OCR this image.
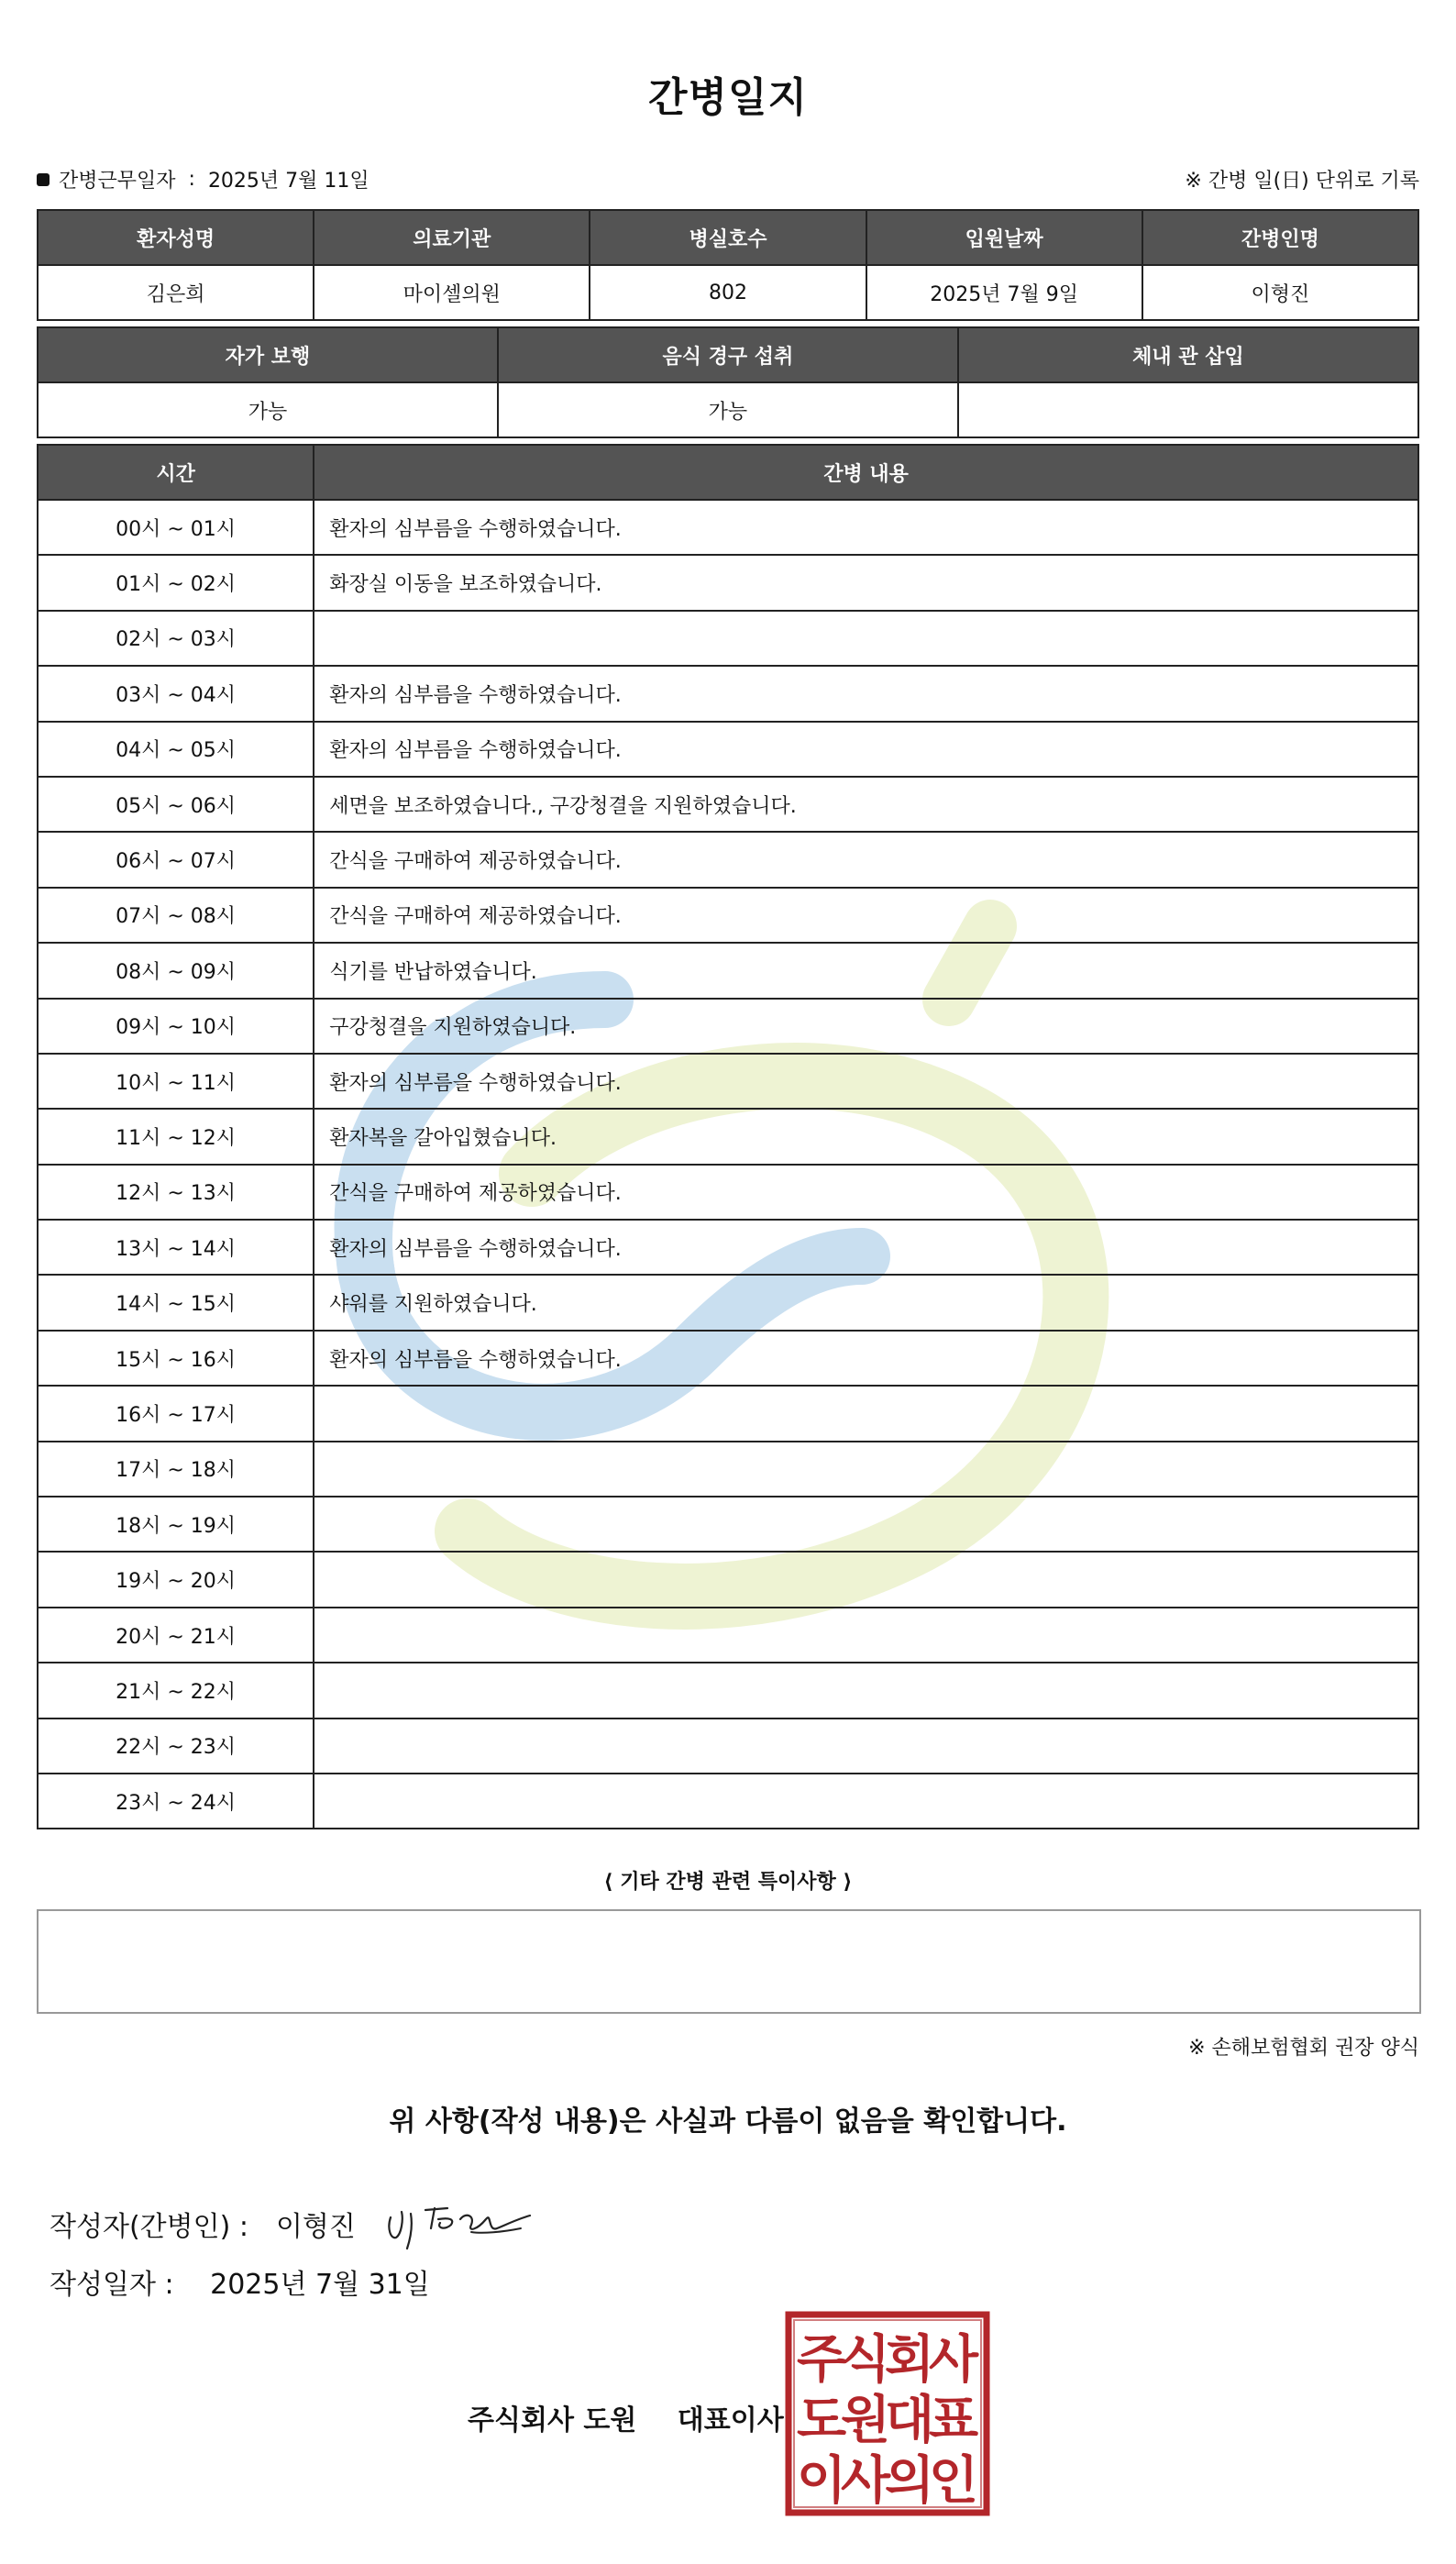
간병일지
간병근무일자 : 2025년 7월 11일	※ 간병 일(日) 단위로 기록
환자성명	의료기관	병실호수	입원날짜	간병인명
김은희	마이셀의원	802	2025년 7월 9일	이형진
자가 보행	음식 경구 섭취	체내 관 삽입
가능	가능	
시간	간병 내용
00시 ~ 01시	환자의 심부름을 수행하였습니다.
01시 ~ 02시	화장실 이동을 보조하였습니다.
02시 ~ 03시	
03시 ~ 04시	환자의 심부름을 수행하였습니다.
04시 ~ 05시	환자의 심부름을 수행하였습니다.
05시 ~ 06시	세면을 보조하였습니다., 구강청결을 지원하였습니다.
06시 ~ 07시	간식을 구매하여 제공하였습니다.
07시 ~ 08시	간식을 구매하여 제공하였습니다.
08시 ~ 09시	식기를 반납하였습니다.
09시 ~ 10시	구강청결을 지원하였습니다.
10시 ~ 11시	환자의 심부름을 수행하였습니다.
11시 ~ 12시	환자복을 갈아입혔습니다.
12시 ~ 13시	간식을 구매하여 제공하였습니다.
13시 ~ 14시	환자의 심부름을 수행하였습니다.
14시 ~ 15시	샤워를 지원하였습니다.
15시 ~ 16시	환자의 심부름을 수행하였습니다.
16시 ~ 17시	
17시 ~ 18시	
18시 ~ 19시	
19시 ~ 20시	
20시 ~ 21시	
21시 ~ 22시	
22시 ~ 23시	
23시 ~ 24시	
⟨ 기타 간병 관련 특이사항 ⟩
※ 손해보험협회 권장 양식
위 사항(작성 내용)은 사실과 다름이 없음을 확인합니다.
작성자(간병인) : 이형진
작성일자 : 2025년 7월 31일
주식회사 도원 대표이사
주
식
회
사
도
원
대
표
이
사
의
인
